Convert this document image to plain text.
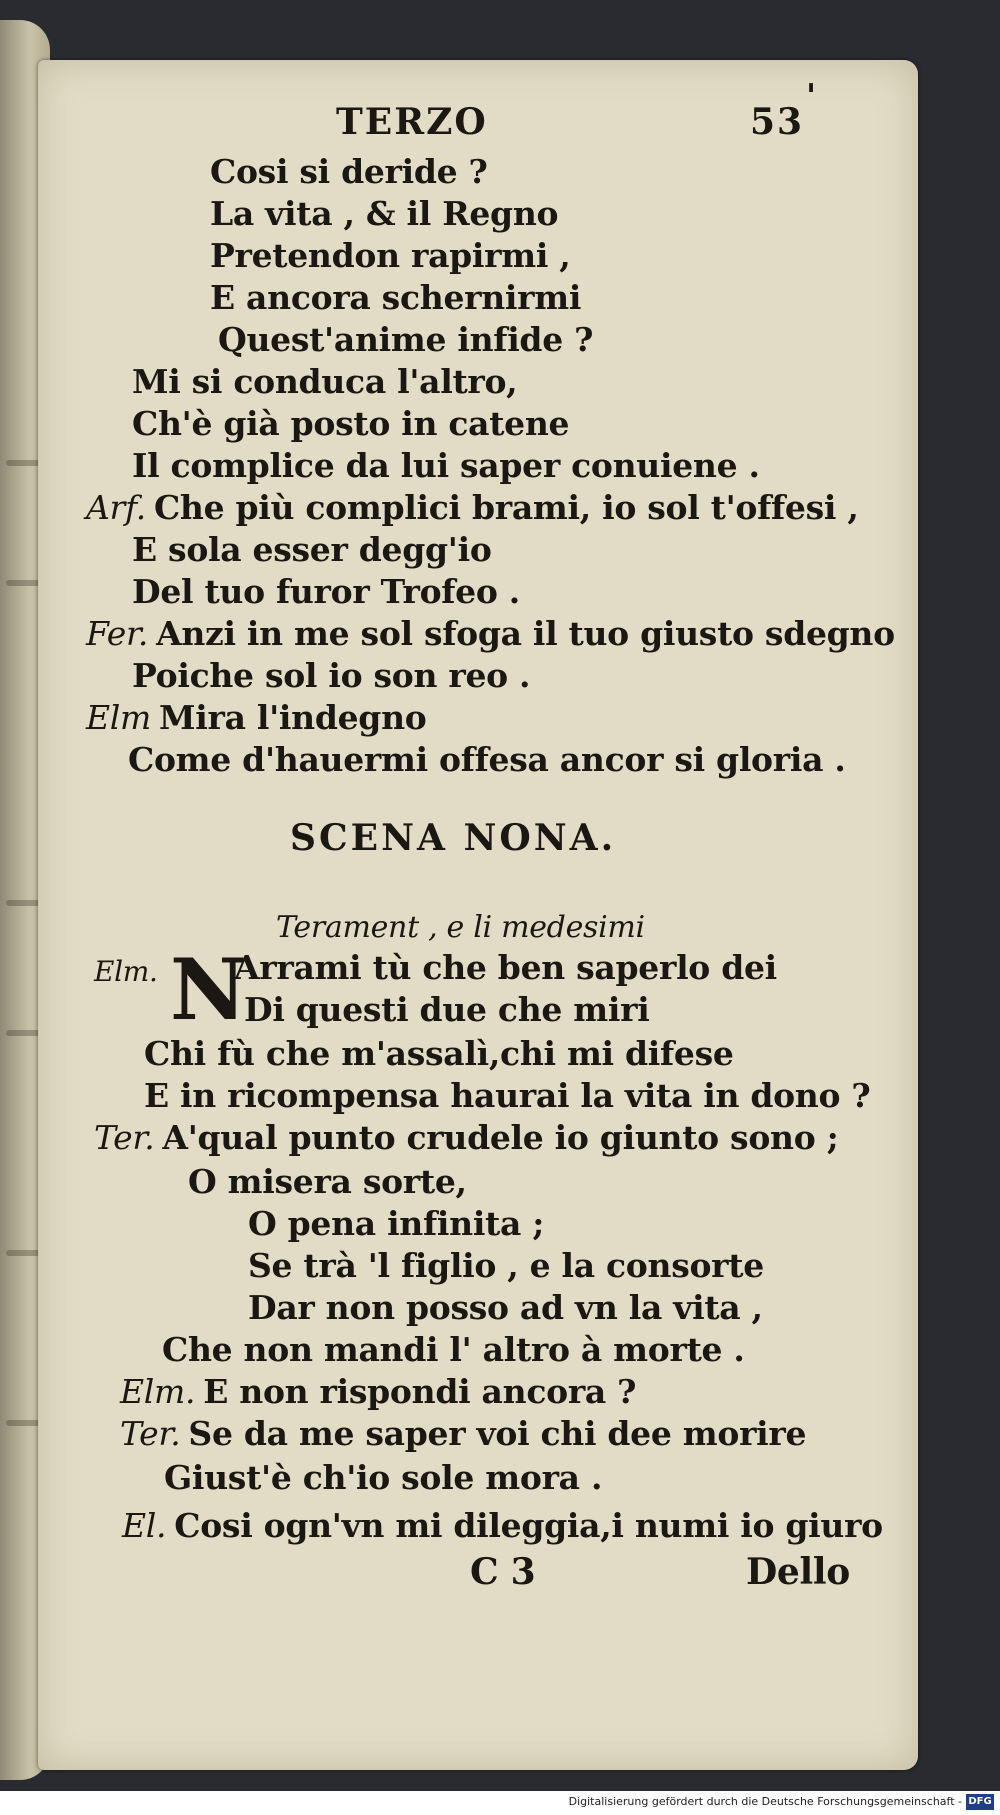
TERZO	53
'
Cosi si deride ?
La vita , & il Regno
Pretendon rapirmi ,
E ancora schernirmi
Quest'anime infide ?
Mi si conduca l'altro,
Ch'è già posto in catene
Il complice da lui saper conuiene .
Arf. Che più complici brami, io sol t'offesi ,
E sola esser degg'io
Del tuo furor Trofeo .
Fer. Anzi in me sol sfoga il tuo giusto sdegno
Poiche sol io son reo .
Elm Mira l'indegno
Come d'hauermi offesa ancor si gloria .
SCENA NONA.
Terament , e li medesimi
Elm. N
Arrami tù che ben saperlo dei
Di questi due che miri
Chi fù che m'assalì,chi mi difese
E in ricompensa haurai la vita in dono ?
Ter. A'qual punto crudele io giunto sono ;
O misera sorte,
O pena infinita ;
Se trà 'l figlio , e la consorte
Dar non posso ad vn la vita ,
Che non mandi l' altro à morte .
Elm. E non rispondi ancora ?
Ter. Se da me saper voi chi dee morire
Giust'è ch'io sole mora .
El. Cosi ogn'vn mi dileggia,i numi io giuro
C 3	Dello
Digitalisierung gefördert durch die Deutsche Forschungsgemeinschaft - DFG
